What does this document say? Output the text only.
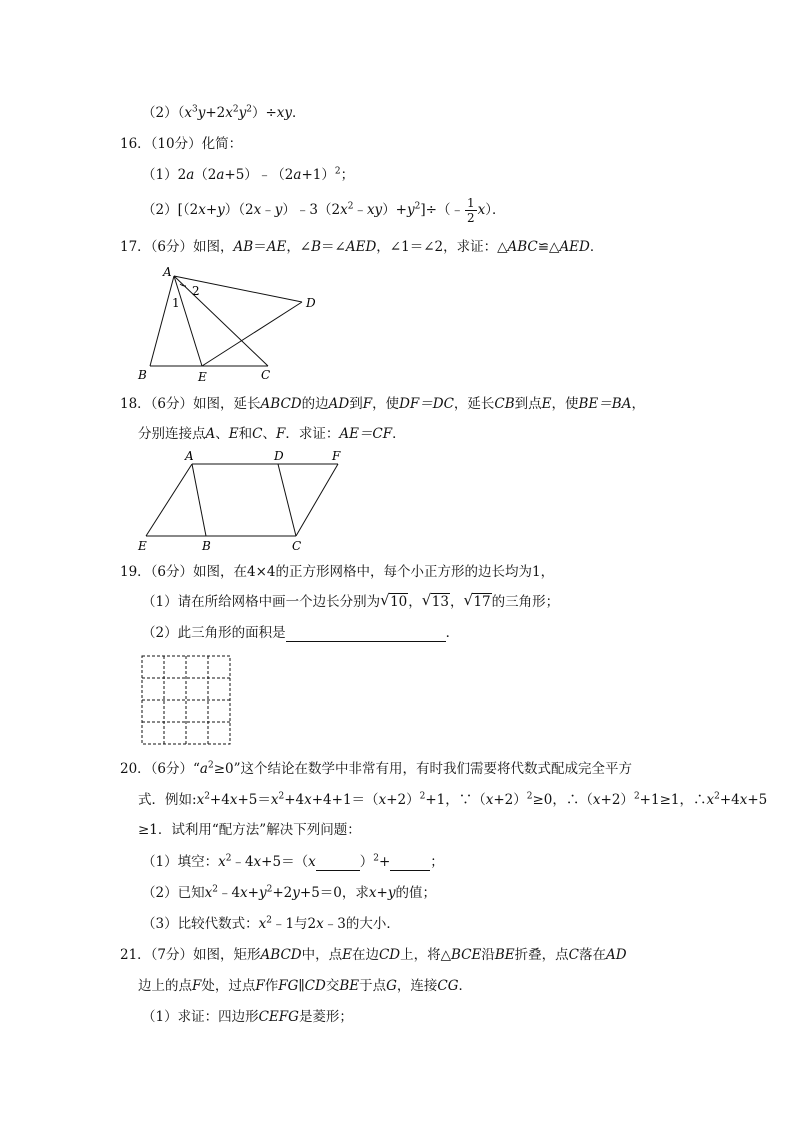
$(2)(x^3y+2x^2y^2)\div xy$．
16．（10分）化简：
$(1)2a(2a+5)﹣(2a+1)^2$；
$(2)[(2x+y)(2x﹣y)﹣3(2x^2﹣xy)+y^2]\div(﹣ \frac{1}{2} x)$．
17．（6分）如图，AB＝AE，∠B＝∠AED，∠1＝∠2，求证：△ABC≌△AED．
A
B	E	C
D
1
2
18．（6分）如图，延长ABCD的边AD到F，使DF＝DC，延长CB到点E，使BE＝BA，
分别连接点A、E和C、F．求证：AE＝CF．
A	D	F
E	B	C
19．（6分）如图，在4×4的正方形网格中，每个小正方形的边长均为1，
（1）请在所给网格中画一个边长分别为 √ 10， √ 13， √ 17的三角形；
（2）此三角形的面积是	．
20．（6分）“$a^2\ge 0$”这个结论在数学中非常有用，有时我们需要将代数式配成完全平方
式．例如$:x^2+4x+5=x^2+4x+4+1=(x+2)^2+1$，$\because(x+2)^2\ge 0$，$\therefore(x+2)^2+1\ge 1$，$\therefore x^2+4x+5$
≥1．试利用“配方法”解决下列问题：
（1）填空：$x^2﹣4x+5=(x$	）$^2$+	；
（2）已知$x^2﹣4x+y^2+2y+5=0$，求x+y的值；
（3）比较代数式：$x^2﹣1$与2x﹣3的大小．
21．（7分）如图，矩形ABCD中，点E在边CD上，将△BCE沿BE折叠，点C落在AD
边上的点F处，过点F作FG∥CD交BE于点G，连接CG．
（1）求证：四边形CEFG是菱形；
